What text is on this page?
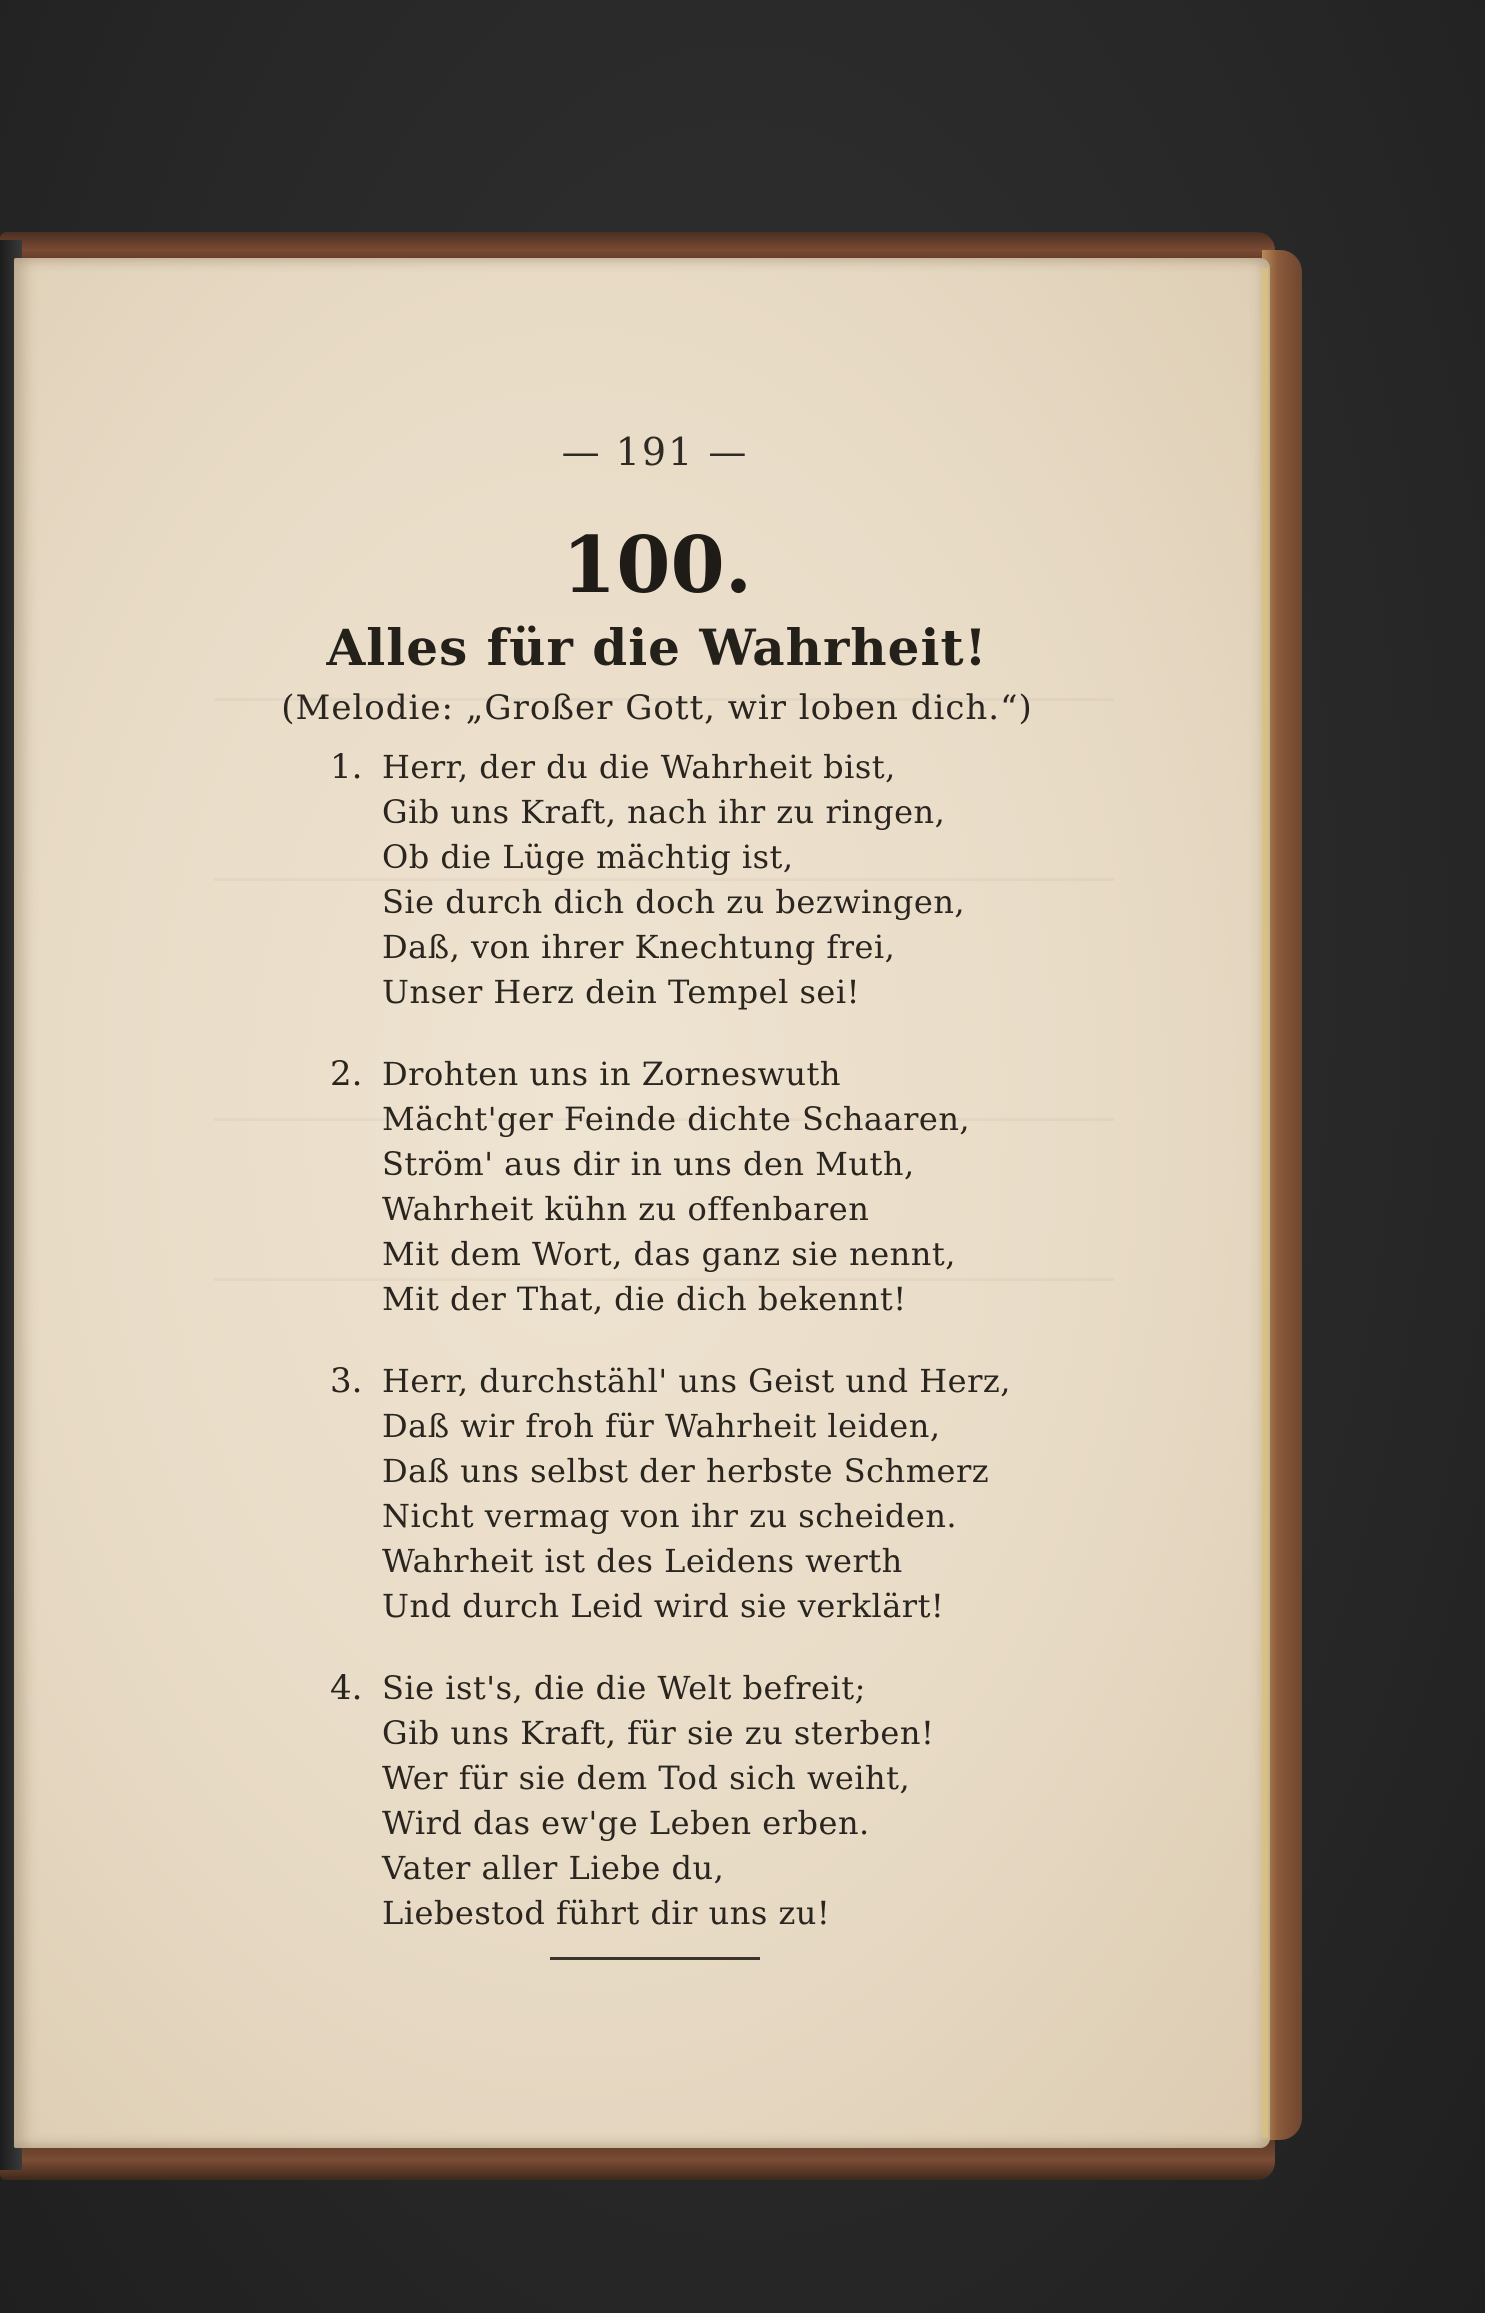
— 191 —
100.
Alles für die Wahrheit!
(Melodie: „Großer Gott, wir loben dich.“)
1. Herr, der du die Wahrheit bist,
Gib uns Kraft, nach ihr zu ringen,
Ob die Lüge mächtig ist,
Sie durch dich doch zu bezwingen,
Daß, von ihrer Knechtung frei,
Unser Herz dein Tempel sei!
2. Drohten uns in Zorneswuth
Mächt'ger Feinde dichte Schaaren,
Ström' aus dir in uns den Muth,
Wahrheit kühn zu offenbaren
Mit dem Wort, das ganz sie nennt,
Mit der That, die dich bekennt!
3. Herr, durchstähl' uns Geist und Herz,
Daß wir froh für Wahrheit leiden,
Daß uns selbst der herbste Schmerz
Nicht vermag von ihr zu scheiden.
Wahrheit ist des Leidens werth
Und durch Leid wird sie verklärt!
4. Sie ist's, die die Welt befreit;
Gib uns Kraft, für sie zu sterben!
Wer für sie dem Tod sich weiht,
Wird das ew'ge Leben erben.
Vater aller Liebe du,
Liebestod führt dir uns zu!
